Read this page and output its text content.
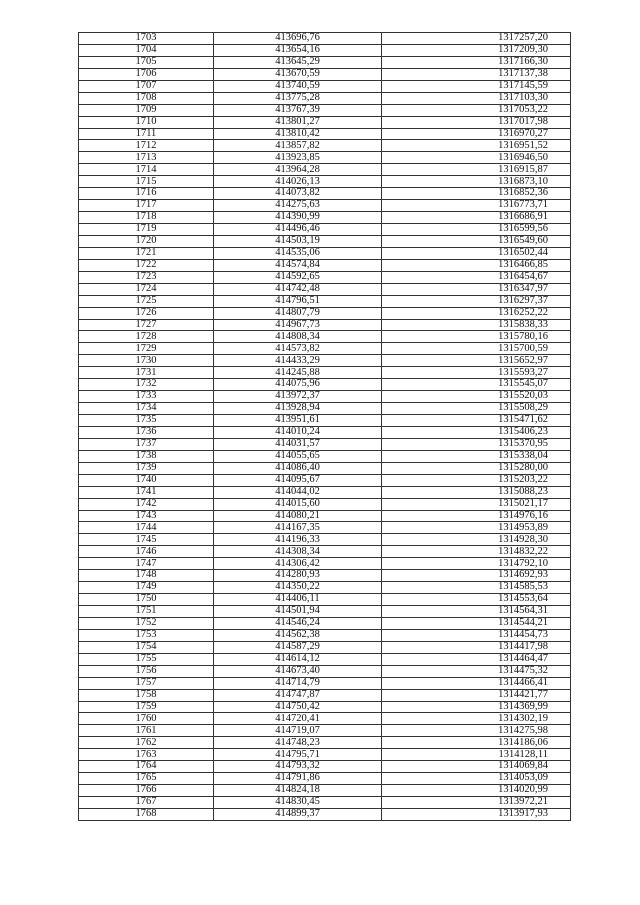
1703	413696,76	1317257,20
1704	413654,16	1317209,30
1705	413645,29	1317166,30
1706	413670,59	1317137,38
1707	413740,59	1317145,59
1708	413775,28	1317103,30
1709	413767,39	1317053,22
1710	413801,27	1317017,98
1711	413810,42	1316970,27
1712	413857,82	1316951,52
1713	413923,85	1316946,50
1714	413964,28	1316915,87
1715	414026,13	1316873,10
1716	414073,82	1316852,36
1717	414275,63	1316773,71
1718	414390,99	1316686,91
1719	414496,46	1316599,56
1720	414503,19	1316549,60
1721	414535,06	1316502,44
1722	414574,84	1316466,85
1723	414592,65	1316454,67
1724	414742,48	1316347,97
1725	414796,51	1316297,37
1726	414807,79	1316252,22
1727	414967,73	1315838,33
1728	414808,34	1315780,16
1729	414573,82	1315700,59
1730	414433,29	1315652,97
1731	414245,88	1315593,27
1732	414075,96	1315545,07
1733	413972,37	1315520,03
1734	413928,94	1315508,29
1735	413951,61	1315471,62
1736	414010,24	1315406,23
1737	414031,57	1315370,95
1738	414055,65	1315338,04
1739	414086,40	1315280,00
1740	414095,67	1315203,22
1741	414044,02	1315088,23
1742	414015,60	1315021,17
1743	414080,21	1314976,16
1744	414167,35	1314953,89
1745	414196,33	1314928,30
1746	414308,34	1314832,22
1747	414306,42	1314792,10
1748	414280,93	1314692,93
1749	414350,22	1314585,53
1750	414406,11	1314553,64
1751	414501,94	1314564,31
1752	414546,24	1314544,21
1753	414562,38	1314454,73
1754	414587,29	1314417,98
1755	414614,12	1314464,47
1756	414673,40	1314475,32
1757	414714,79	1314466,41
1758	414747,87	1314421,77
1759	414750,42	1314369,99
1760	414720,41	1314302,19
1761	414719,07	1314275,98
1762	414748,23	1314186,06
1763	414795,71	1314128,11
1764	414793,32	1314069,84
1765	414791,86	1314053,09
1766	414824,18	1314020,99
1767	414830,45	1313972,21
1768	414899,37	1313917,93
